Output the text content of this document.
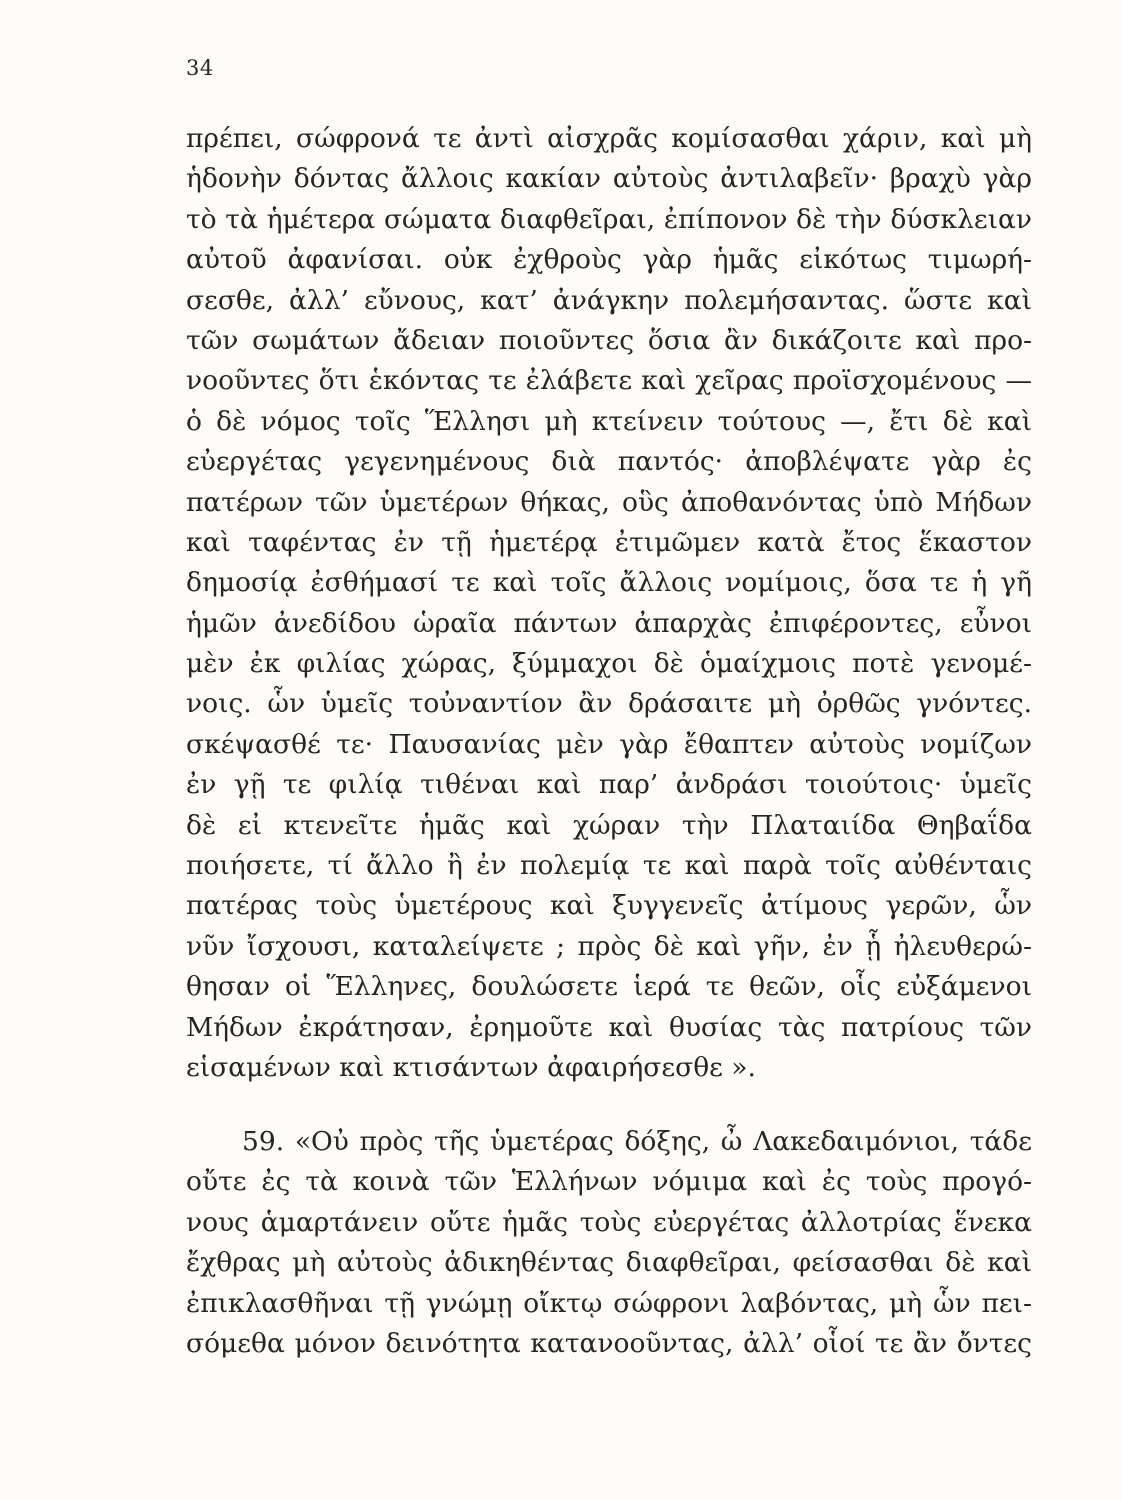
34
πρέπει, σώφρονά τε ἀντὶ αἰσχρᾶς κομίσασθαι χάριν, καὶ μὴ
ἡδονὴν δόντας ἄλλοις κακίαν αὐτοὺς ἀντιλαβεῖν· βραχὺ γὰρ
τὸ τὰ ἡμέτερα σώματα διαφθεῖραι, ἐπίπονον δὲ τὴν δύσκλειαν
αὐτοῦ ἀφανίσαι. οὐκ ἐχθροὺς γὰρ ἡμᾶς εἰκότως τιμωρή-
σεσθε, ἀλλ’ εὔνους, κατ’ ἀνάγκην πολεμήσαντας. ὥστε καὶ
τῶν σωμάτων ἄδειαν ποιοῦντες ὅσια ἂν δικάζοιτε καὶ προ-
νοοῦντες ὅτι ἑκόντας τε ἐλάβετε καὶ χεῖρας προϊσχομένους —
ὁ δὲ νόμος τοῖς Ἕλλησι μὴ κτείνειν τούτους —, ἔτι δὲ καὶ
εὐεργέτας γεγενημένους διὰ παντός· ἀποβλέψατε γὰρ ἐς
πατέρων τῶν ὑμετέρων θήκας, οὓς ἀποθανόντας ὑπὸ Μήδων
καὶ ταφέντας ἐν τῇ ἡμετέρᾳ ἐτιμῶμεν κατὰ ἔτος ἕκαστον
δημοσίᾳ ἐσθήμασί τε καὶ τοῖς ἄλλοις νομίμοις, ὅσα τε ἡ γῆ
ἡμῶν ἀνεδίδου ὡραῖα πάντων ἀπαρχὰς ἐπιφέροντες, εὖνοι
μὲν ἐκ φιλίας χώρας, ξύμμαχοι δὲ ὁμαίχμοις ποτὲ γενομέ-
νοις. ὧν ὑμεῖς τοὐναντίον ἂν δράσαιτε μὴ ὀρθῶς γνόντες.
σκέψασθέ τε· Παυσανίας μὲν γὰρ ἔθαπτεν αὐτοὺς νομίζων
ἐν γῇ τε φιλίᾳ τιθέναι καὶ παρ’ ἀνδράσι τοιούτοις· ὑμεῖς
δὲ εἰ κτενεῖτε ἡμᾶς καὶ χώραν τὴν Πλαταιίδα Θηβαΐδα
ποιήσετε, τί ἄλλο ἢ ἐν πολεμίᾳ τε καὶ παρὰ τοῖς αὐθένταις
πατέρας τοὺς ὑμετέρους καὶ ξυγγενεῖς ἀτίμους γερῶν, ὧν
νῦν ἴσχουσι, καταλείψετε ; πρὸς δὲ καὶ γῆν, ἐν ᾗ ἠλευθερώ-
θησαν οἱ Ἕλληνες, δουλώσετε ἱερά τε θεῶν, οἷς εὐξάμενοι
Μήδων ἐκράτησαν, ἐρημοῦτε καὶ θυσίας τὰς πατρίους τῶν
εἱσαμένων καὶ κτισάντων ἀφαιρήσεσθε ».
59. «Οὐ πρὸς τῆς ὑμετέρας δόξης, ὦ Λακεδαιμόνιοι, τάδε
οὔτε ἐς τὰ κοινὰ τῶν Ἑλλήνων νόμιμα καὶ ἐς τοὺς προγό-
νους ἁμαρτάνειν οὔτε ἡμᾶς τοὺς εὐεργέτας ἀλλοτρίας ἕνεκα
ἔχθρας μὴ αὐτοὺς ἀδικηθέντας διαφθεῖραι, φείσασθαι δὲ καὶ
ἐπικλασθῆναι τῇ γνώμῃ οἴκτῳ σώφρονι λαβόντας, μὴ ὧν πει-
σόμεθα μόνον δεινότητα κατανοοῦντας, ἀλλ’ οἷοί τε ἂν ὄντες
